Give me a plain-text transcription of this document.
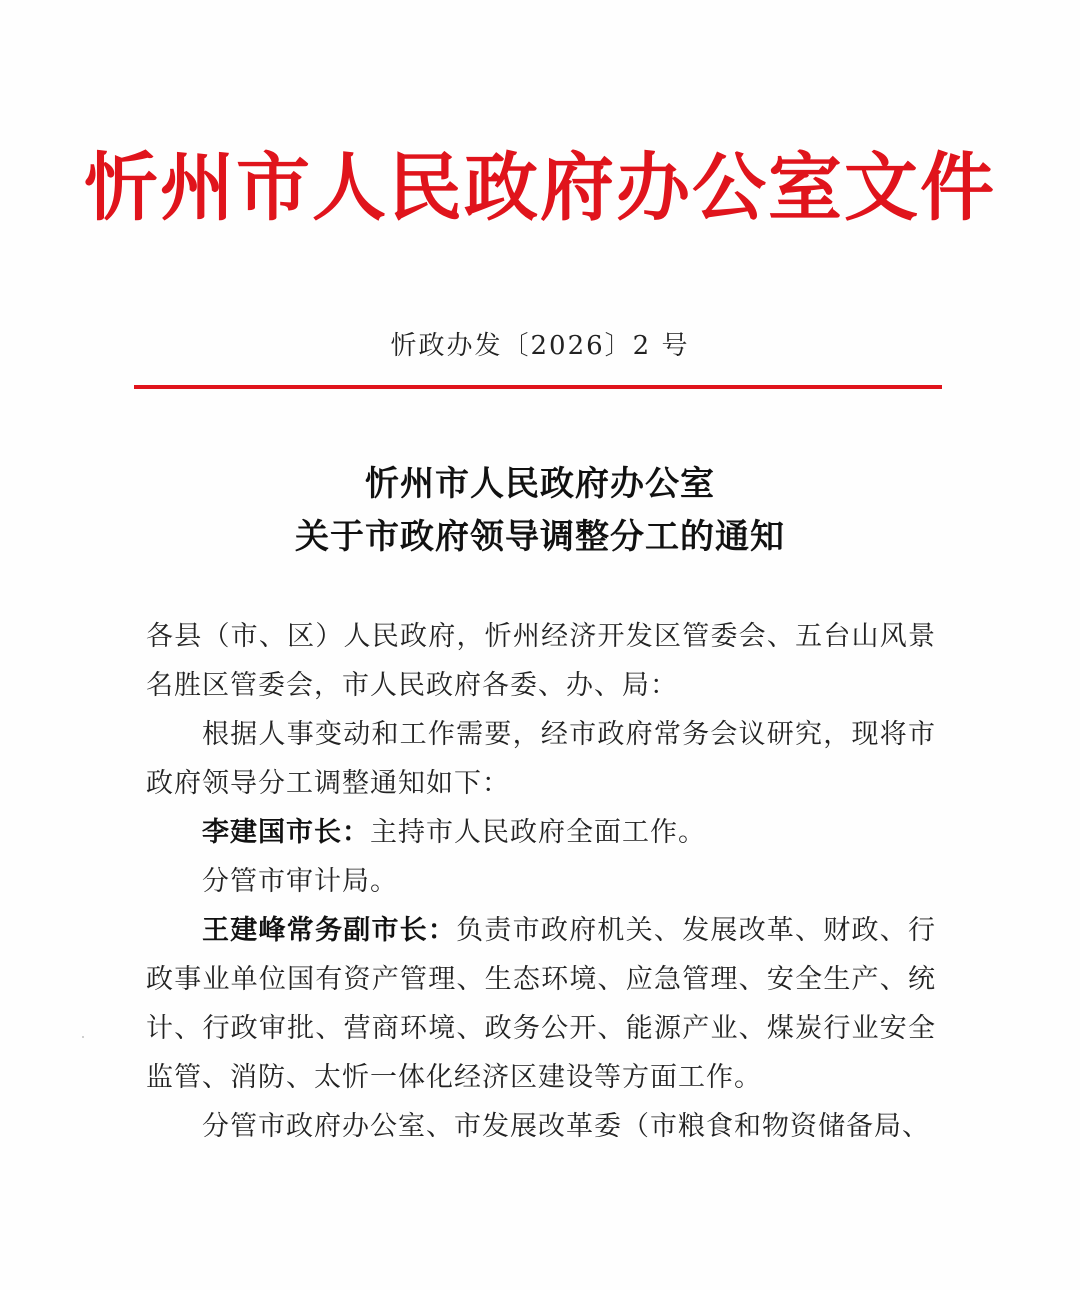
忻州市人民政府办公室文件
忻政办发〔2026〕2 号
忻州市人民政府办公室
关于市政府领导调整分工的通知

各县（市、区）人民政府，忻州经济开发区管委会、五台山风景名胜区管委会，市人民政府各委、办、局：

根据人事变动和工作需要，经市政府常务会议研究，现将市政府领导分工调整通知如下：

李建国市长：主持市人民政府全面工作。

分管市审计局。

王建峰常务副市长：负责市政府机关、发展改革、财政、行政事业单位国有资产管理、生态环境、应急管理、安全生产、统计、行政审批、营商环境、政务公开、能源产业、煤炭行业安全监管、消防、太忻一体化经济区建设等方面工作。

分管市政府办公室、市发展改革委（市粮食和物资储备局、
